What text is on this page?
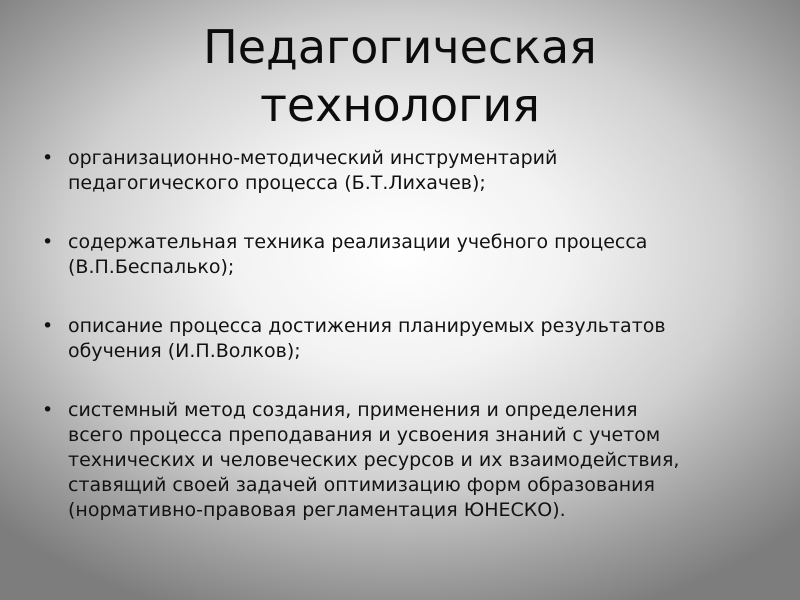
Педагогическая
технология
• организационно-методический инструментарий
педагогического процесса (Б.Т.Лихачев);
• содержательная техника реализации учебного процесса
(В.П.Беспалько);
• описание процесса достижения планируемых результатов
обучения (И.П.Волков);
• системный метод создания, применения и определения
всего процесса преподавания и усвоения знаний с учетом
технических и человеческих ресурсов и их взаимодействия,
ставящий своей задачей оптимизацию форм образования
(нормативно-правовая регламентация ЮНЕСКО).
